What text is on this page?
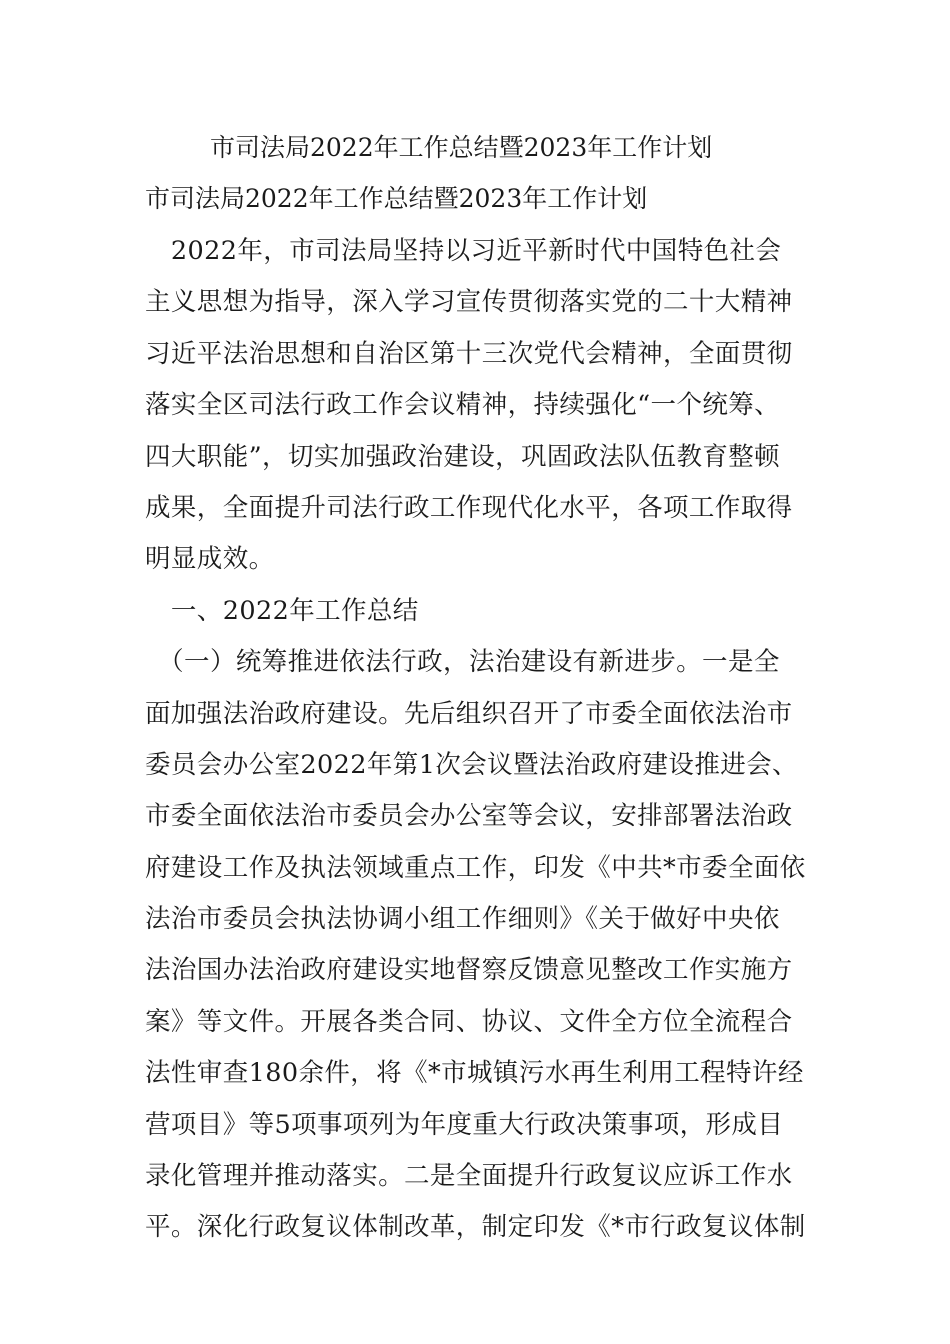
市司法局2022年工作总结暨2023年工作计划
市司法局2022年工作总结暨2023年工作计划
　2022年，市司法局坚持以习近平新时代中国特色社会
主义思想为指导，深入学习宣传贯彻落实党的二十大精神
习近平法治思想和自治区第十三次党代会精神，全面贯彻
落实全区司法行政工作会议精神，持续强化“一个统筹、
四大职能”，切实加强政治建设，巩固政法队伍教育整顿
成果，全面提升司法行政工作现代化水平，各项工作取得
明显成效。
　一、2022年工作总结
　（一）统筹推进依法行政，法治建设有新进步。一是全
面加强法治政府建设。先后组织召开了市委全面依法治市
委员会办公室2022年第1次会议暨法治政府建设推进会、
市委全面依法治市委员会办公室等会议，安排部署法治政
府建设工作及执法领域重点工作，印发《中共*市委全面依
法治市委员会执法协调小组工作细则》《关于做好中央依
法治国办法治政府建设实地督察反馈意见整改工作实施方
案》等文件。开展各类合同、协议、文件全方位全流程合
法性审查180余件，将《*市城镇污水再生利用工程特许经
营项目》等5项事项列为年度重大行政决策事项，形成目
录化管理并推动落实。二是全面提升行政复议应诉工作水
平。深化行政复议体制改革，制定印发《*市行政复议体制
